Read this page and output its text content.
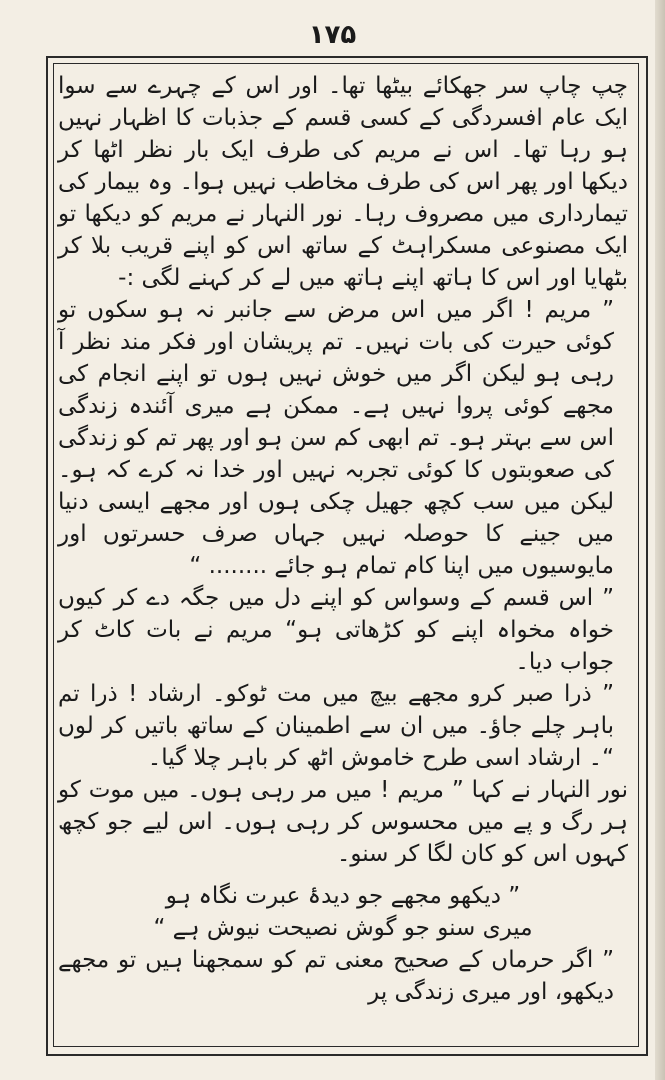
۱۷۵

چپ چاپ سر جھکائے بیٹھا تھا۔ اور اس کے چہرے سے سوا ایک عام افسردگی کے کسی قسم کے جذبات کا اظہار نہیں ہو رہا تھا۔ اس نے مریم کی طرف ایک بار نظر اٹھا کر دیکھا اور پھر اس کی طرف مخاطب نہیں ہوا۔ وہ بیمار کی تیمارداری میں مصروف رہا۔ نور النہار نے مریم کو دیکھا تو ایک مصنوعی مسکراہٹ کے ساتھ اس کو اپنے قریب بلا کر بٹھایا اور اس کا ہاتھ اپنے ہاتھ میں لے کر کہنے لگی :-

” مریم ! اگر میں اس مرض سے جانبر نہ ہو سکوں تو کوئی حیرت کی بات نہیں۔ تم پریشان اور فکر مند نظر آ رہی ہو لیکن اگر میں خوش نہیں ہوں تو اپنے انجام کی مجھے کوئی پروا نہیں ہے۔ ممکن ہے میری آئندہ زندگی اس سے بہتر ہو۔ تم ابھی کم سن ہو اور پھر تم کو زندگی کی صعوبتوں کا کوئی تجربہ نہیں اور خدا نہ کرے کہ ہو۔ لیکن میں سب کچھ جھیل چکی ہوں اور مجھے ایسی دنیا میں جینے کا حوصلہ نہیں جہاں صرف حسرتوں اور مایوسیوں میں اپنا کام تمام ہو جائے ........ “

” اس قسم کے وسواس کو اپنے دل میں جگہ دے کر کیوں خواہ مخواہ اپنے کو کڑھاتی ہو“ مریم نے بات کاٹ کر جواب دیا۔

” ذرا صبر کرو مجھے بیچ میں مت ٹوکو۔ ارشاد ! ذرا تم باہر چلے جاؤ۔ میں ان سے اطمینان کے ساتھ باتیں کر لوں “۔ ارشاد اسی طرح خاموش اٹھ کر باہر چلا گیا۔

نور النہار نے کہا ” مریم ! میں مر رہی ہوں۔ میں موت کو ہر رگ و پے میں محسوس کر رہی ہوں۔ اس لیے جو کچھ کہوں اس کو کان لگا کر سنو۔

” دیکھو مجھے جو دیدۂ عبرت نگاہ ہو

میری سنو جو گوش نصیحت نیوش ہے “

” اگر حرماں کے صحیح معنی تم کو سمجھنا ہیں تو مجھے دیکھو، اور میری زندگی پر
